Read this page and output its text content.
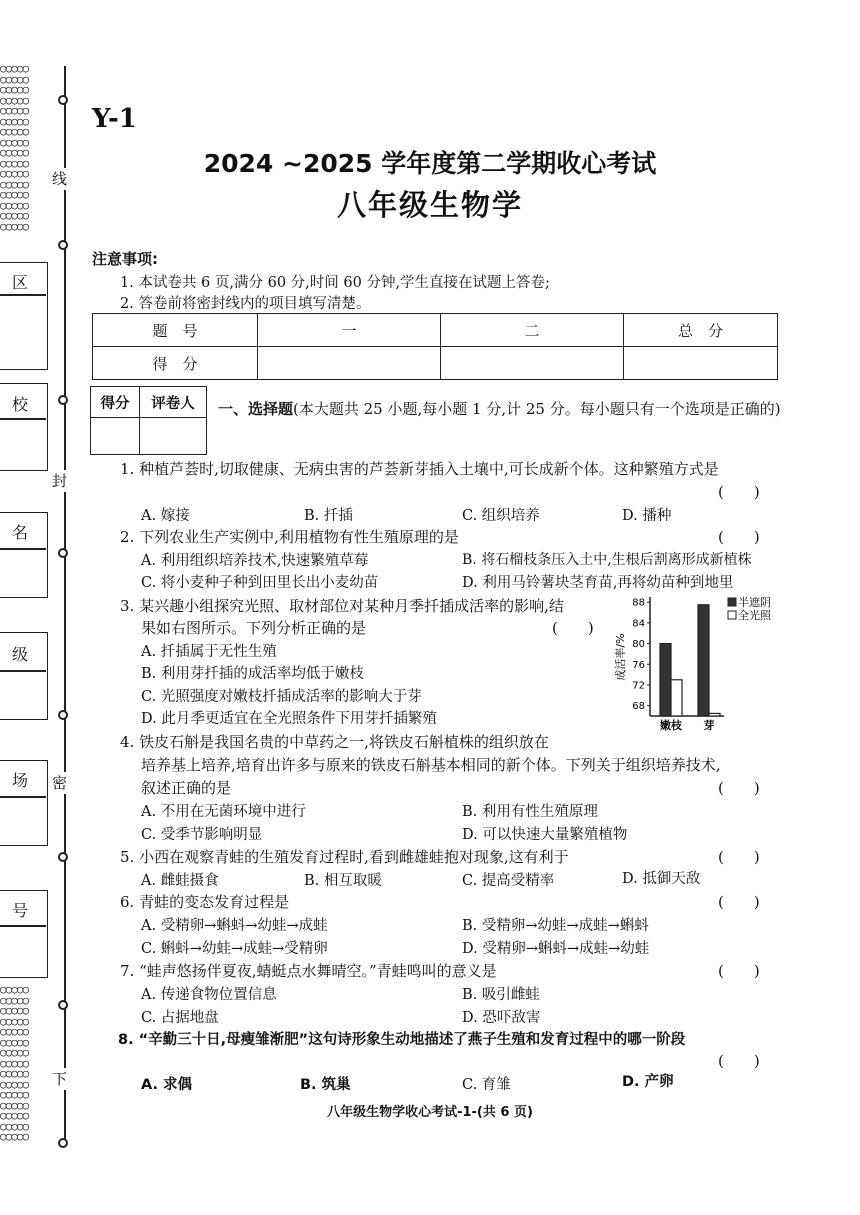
○○○○○
○○○○○
○○○○○
○○○○○
○○○○○
○○○○○
○○○○○
○○○○○
○○○○○
○○○○○
○○○○○
○○○○○
○○○○○
○○○○○
○○○○○
○○○○○
○○○○○
○○○○○
○○○○○
○○○○○
○○○○○
○○○○○
○○○○○
○○○○○
○○○○○
○○○○○
○○○○○
○○○○○
○○○○○
○○○○○
○○○○○
线
封
密
下
区
校
名
级
场
号
Y-1
2024 ~2025 学年度第二学期收心考试
八年级生物学
注意事项:
1. 本试卷共 6 页,满分 60 分,时间 60 分钟,学生直接在试题上答卷;
2. 答卷前将密封线内的项目填写清楚。
题　号	一	二	总　分
得　分			
得分	评卷人
	一、选择题(本大题共 25 小题,每小题 1 分,计 25 分。每小题只有一个选项是正确的)
1. 种植芦荟时,切取健康、无病虫害的芦荟新芽插入土壤中,可长成新个体。这种繁殖方式是
(　　)
A. 嫁接	B. 扦插	C. 组织培养	D. 播种
2. 下列农业生产实例中,利用植物有性生殖原理的是	(　　)
A. 利用组织培养技术,快速繁殖草莓	B. 将石榴枝条压入土中,生根后割离形成新植株
C. 将小麦种子种到田里长出小麦幼苗	D. 利用马铃薯块茎育苗,再将幼苗种到地里
3. 某兴趣小组探究光照、取材部位对某种月季扦插成活率的影响,结
果如右图所示。下列分析正确的是	(　　)
A. 扦插属于无性生殖
B. 利用芽扦插的成活率均低于嫩枝
C. 光照强度对嫩枝扦插成活率的影响大于芽
D. 此月季更适宜在全光照条件下用芽扦插繁殖
68
72
76
80
84
88
成活率/%
嫩枝 芽
半遮阴
全光照
4. 铁皮石斛是我国名贵的中草药之一,将铁皮石斛植株的组织放在
培养基上培养,培育出许多与原来的铁皮石斛基本相同的新个体。下列关于组织培养技术,
叙述正确的是	(　　)
A. 不用在无菌环境中进行	B. 利用有性生殖原理
C. 受季节影响明显	D. 可以快速大量繁殖植物
5. 小西在观察青蛙的生殖发育过程时,看到雌雄蛙抱对现象,这有利于	(　　)
A. 雌蛙摄食	B. 相互取暖	C. 提高受精率	D. 抵御天敌
6. 青蛙的变态发育过程是	(　　)
A. 受精卵→蝌蚪→幼蛙→成蛙	B. 受精卵→幼蛙→成蛙→蝌蚪
C. 蝌蚪→幼蛙→成蛙→受精卵	D. 受精卵→蝌蚪→成蛙→幼蛙
7. “蛙声悠扬伴夏夜,蜻蜓点水舞晴空。”青蛙鸣叫的意义是	(　　)
A. 传递食物位置信息	B. 吸引雌蛙
C. 占据地盘	D. 恐吓敌害
8. “辛勤三十日,母瘦雏渐肥”这句诗形象生动地描述了燕子生殖和发育过程中的哪一阶段
(　　)
A. 求偶	B. 筑巢	C. 育雏	D. 产卵
八年级生物学收心考试-1-(共 6 页)
